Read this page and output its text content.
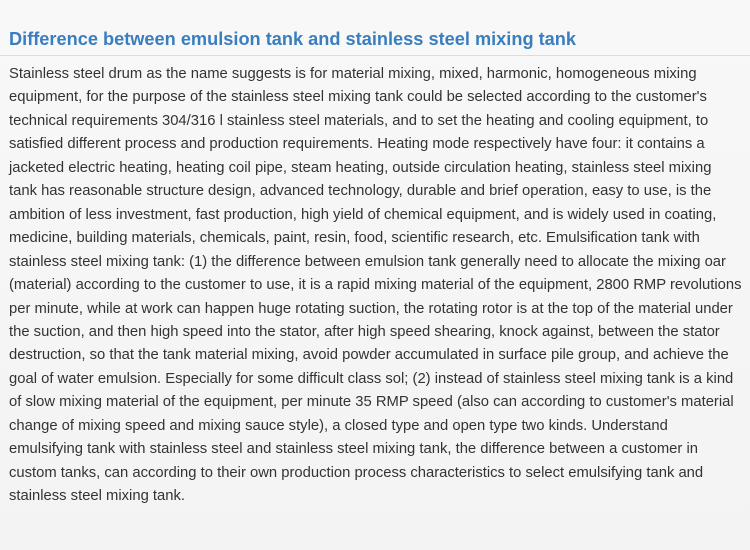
Difference between emulsion tank and stainless steel mixing tank

Stainless steel drum as the name suggests is for material mixing, mixed, harmonic, homogeneous mixing equipment, for the purpose of the stainless steel mixing tank could be selected according to the customer's technical requirements 304/316 l stainless steel materials, and to set the heating and cooling equipment, to satisfied different process and production requirements. Heating mode respectively have four: it contains a jacketed electric heating, heating coil pipe, steam heating, outside circulation heating, stainless steel mixing tank has reasonable structure design, advanced technology, durable and brief operation, easy to use, is the ambition of less investment, fast production, high yield of chemical equipment, and is widely used in coating, medicine, building materials, chemicals, paint, resin, food, scientific research, etc. Emulsification tank with stainless steel mixing tank: (1) the difference between emulsion tank generally need to allocate the mixing oar (material) according to the customer to use, it is a rapid mixing material of the equipment, 2800 RMP revolutions per minute, while at work can happen huge rotating suction, the rotating rotor is at the top of the material under the suction, and then high speed into the stator, after high speed shearing, knock against, between the stator destruction, so that the tank material mixing, avoid powder accumulated in surface pile group, and achieve the goal of water emulsion. Especially for some difficult class sol; (2) instead of stainless steel mixing tank is a kind of slow mixing material of the equipment, per minute 35 RMP speed (also can according to customer's material change of mixing speed and mixing sauce style), a closed type and open type two kinds. Understand emulsifying tank with stainless steel and stainless steel mixing tank, the difference between a customer in custom tanks, can according to their own production process characteristics to select emulsifying tank and stainless steel mixing tank.
